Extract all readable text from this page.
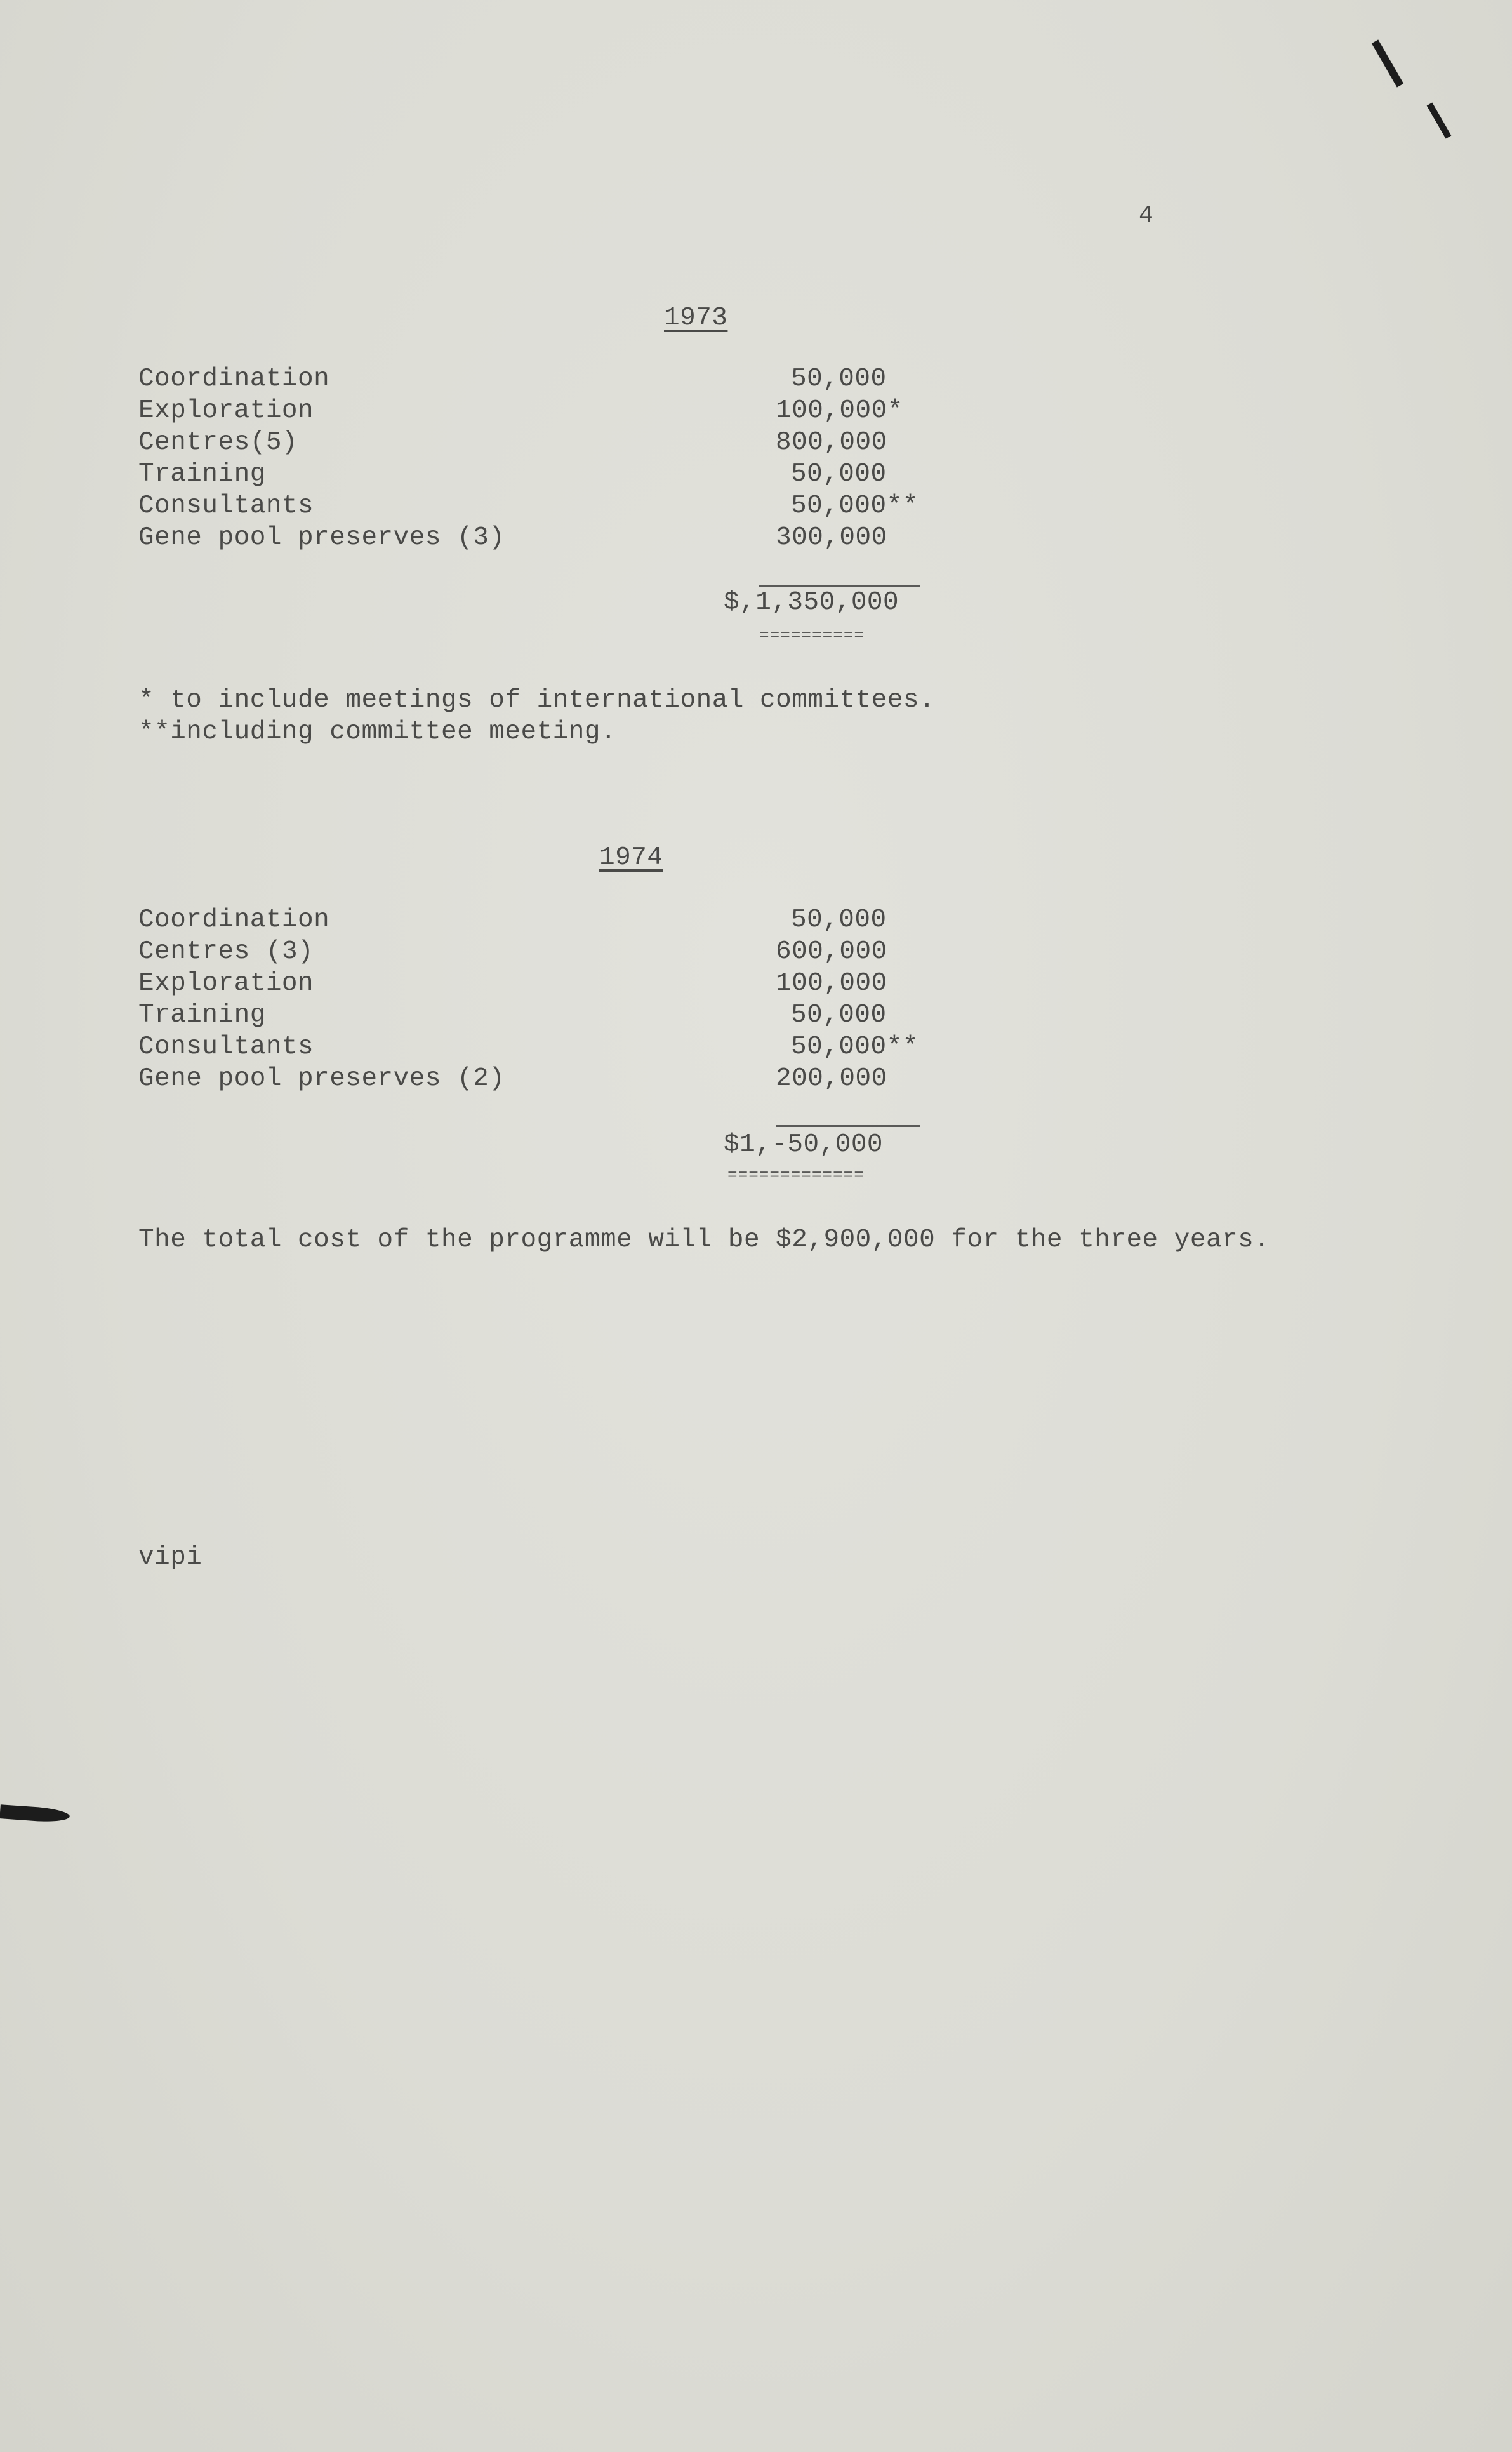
4
1973
Coordination	50,000
Exploration	100,000*
Centres(5)	800,000
Training	50,000
Consultants	50,000**
Gene pool preserves (3)	300,000
$,1,350,000
==========
* to include meetings of international committees.
**including committee meeting.
1974
Coordination	50,000
Centres (3)	600,000
Exploration	100,000
Training	50,000
Consultants	50,000**
Gene pool preserves (2)	200,000
$1,-50,000
=============
The total cost of the programme will be $2,900,000 for the three years.
vipi
